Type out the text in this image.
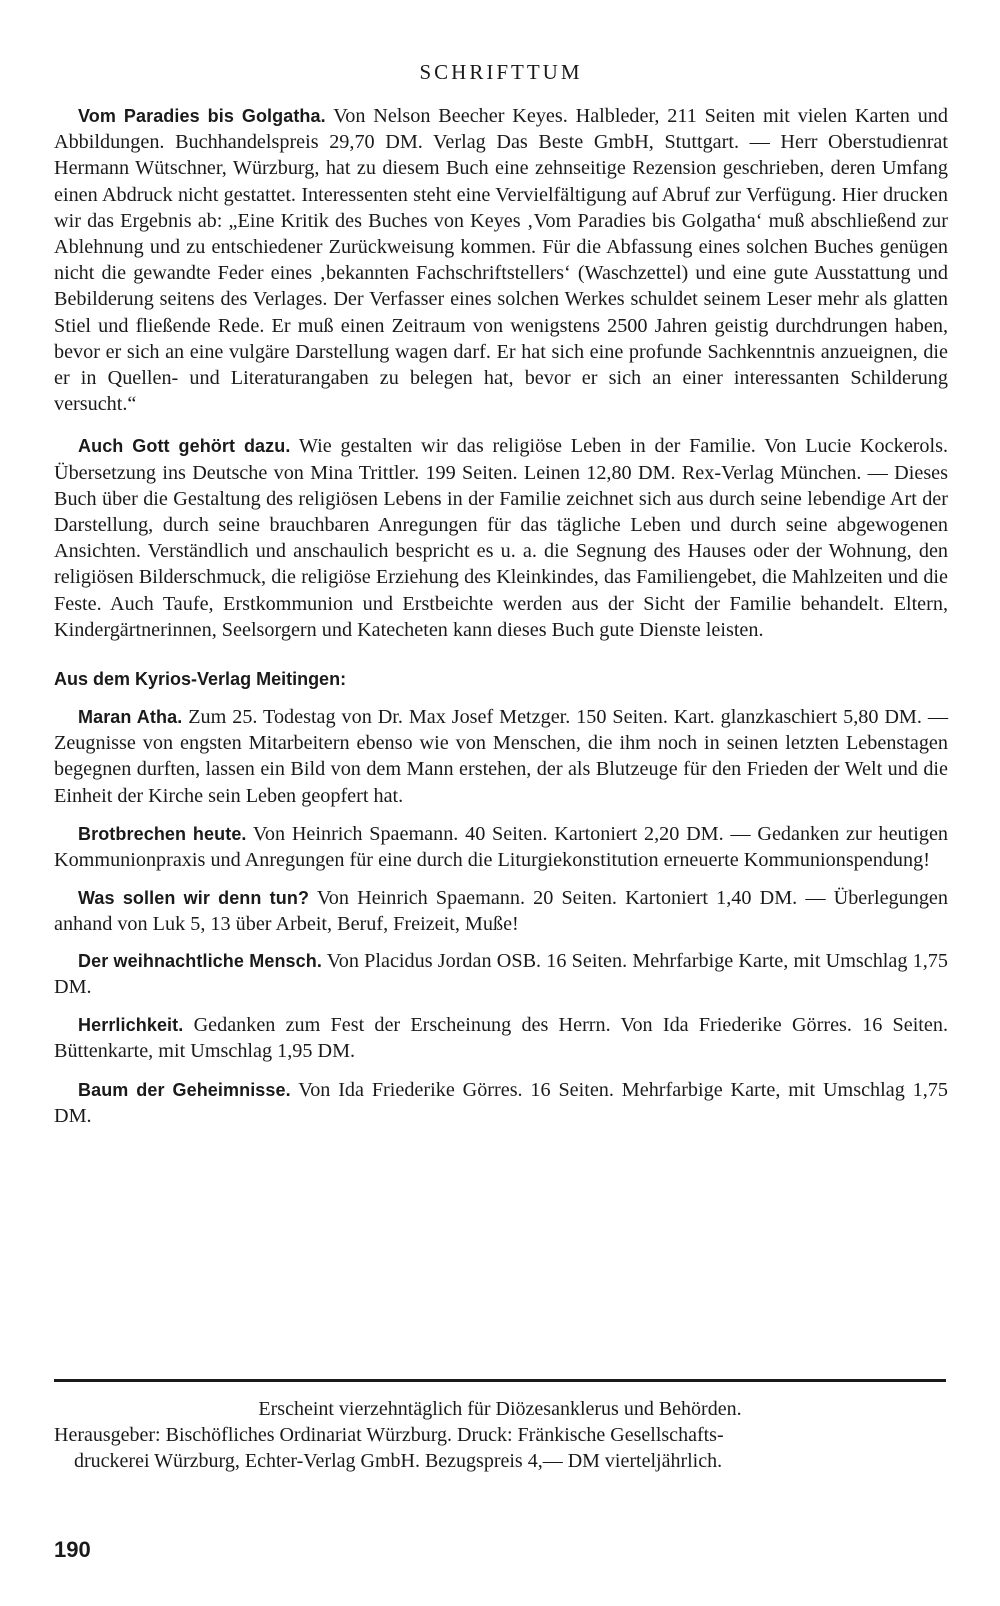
SCHRIFTTUM

Vom Paradies bis Golgatha. Von Nelson Beecher Keyes. Halbleder, 211 Seiten mit vielen Karten und Abbildungen. Buchhandelspreis 29,70 DM. Verlag Das Beste GmbH, Stuttgart. — Herr Oberstudienrat Hermann Wütschner, Würzburg, hat zu diesem Buch eine zehnseitige Rezension geschrieben, deren Umfang einen Abdruck nicht gestattet. Interessenten steht eine Vervielfältigung auf Abruf zur Verfügung. Hier drucken wir das Ergebnis ab: „Eine Kritik des Buches von Keyes ‚Vom Paradies bis Golgatha‘ muß abschließend zur Ablehnung und zu entschiedener Zurückweisung kommen. Für die Abfassung eines solchen Buches genügen nicht die gewandte Feder eines ‚bekannten Fachschriftstellers‘ (Waschzettel) und eine gute Ausstattung und Bebilderung seitens des Verlages. Der Verfasser eines solchen Werkes schuldet seinem Leser mehr als glatten Stiel und fließende Rede. Er muß einen Zeitraum von wenigstens 2500 Jahren geistig durchdrungen haben, bevor er sich an eine vulgäre Darstellung wagen darf. Er hat sich eine profunde Sachkenntnis anzueignen, die er in Quellen- und Literaturangaben zu belegen hat, bevor er sich an einer interessanten Schilderung versucht.“

Auch Gott gehört dazu. Wie gestalten wir das religiöse Leben in der Familie. Von Lucie Kockerols. Übersetzung ins Deutsche von Mina Trittler. 199 Seiten. Leinen 12,80 DM. Rex-Verlag München. — Dieses Buch über die Gestaltung des religiösen Lebens in der Familie zeichnet sich aus durch seine lebendige Art der Darstellung, durch seine brauchbaren Anregungen für das tägliche Leben und durch seine abgewogenen Ansichten. Verständlich und anschaulich bespricht es u. a. die Segnung des Hauses oder der Wohnung, den religiösen Bilderschmuck, die religiöse Erziehung des Kleinkindes, das Familiengebet, die Mahlzeiten und die Feste. Auch Taufe, Erstkommunion und Erstbeichte werden aus der Sicht der Familie behandelt. Eltern, Kindergärtnerinnen, Seelsorgern und Katecheten kann dieses Buch gute Dienste leisten.

Aus dem Kyrios-Verlag Meitingen:

Maran Atha. Zum 25. Todestag von Dr. Max Josef Metzger. 150 Seiten. Kart. glanzkaschiert 5,80 DM. — Zeugnisse von engsten Mitarbeitern ebenso wie von Menschen, die ihm noch in seinen letzten Lebenstagen begegnen durften, lassen ein Bild von dem Mann erstehen, der als Blutzeuge für den Frieden der Welt und die Einheit der Kirche sein Leben geopfert hat.

Brotbrechen heute. Von Heinrich Spaemann. 40 Seiten. Kartoniert 2,20 DM. — Gedanken zur heutigen Kommunionpraxis und Anregungen für eine durch die Liturgiekonstitution erneuerte Kommunionspendung!

Was sollen wir denn tun? Von Heinrich Spaemann. 20 Seiten. Kartoniert 1,40 DM. — Überlegungen anhand von Luk 5, 13 über Arbeit, Beruf, Freizeit, Muße!

Der weihnachtliche Mensch. Von Placidus Jordan OSB. 16 Seiten. Mehrfarbige Karte, mit Umschlag 1,75 DM.

Herrlichkeit. Gedanken zum Fest der Erscheinung des Herrn. Von Ida Friederike Görres. 16 Seiten. Büttenkarte, mit Umschlag 1,95 DM.

Baum der Geheimnisse. Von Ida Friederike Görres. 16 Seiten. Mehrfarbige Karte, mit Umschlag 1,75 DM.

Erscheint vierzehntäglich für Diözesanklerus und Behörden.
Herausgeber: Bischöfliches Ordinariat Würzburg. Druck: Fränkische Gesellschafts-
druckerei Würzburg, Echter-Verlag GmbH. Bezugspreis 4,— DM vierteljährlich.
190
